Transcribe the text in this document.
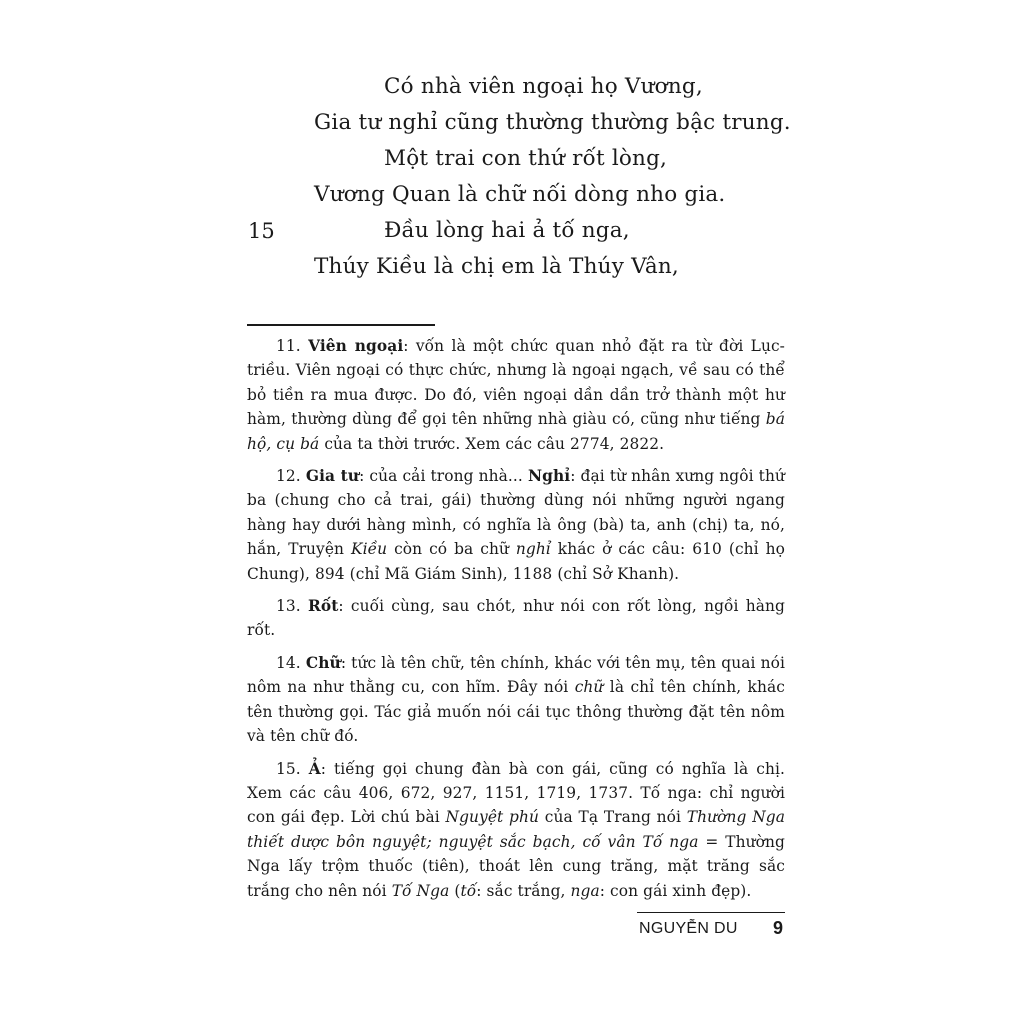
Có nhà viên ngoại họ Vương,
Gia tư nghỉ cũng thường thường bậc trung.
Một trai con thứ rốt lòng,
Vương Quan là chữ nối dòng nho gia.
15	Đầu lòng hai ả tố nga,
Thúy Kiều là chị em là Thúy Vân,

11. Viên ngoại: vốn là một chức quan nhỏ đặt ra từ đời Lục-triều. Viên ngoại có thực chức, nhưng là ngoại ngạch, về sau có thể bỏ tiền ra mua được. Do đó, viên ngoại dần dần trở thành một hư hàm, thường dùng để gọi tên những nhà giàu có, cũng như tiếng bá hộ, cụ bá của ta thời trước. Xem các câu 2774, 2822.

12. Gia tư: của cải trong nhà... Nghỉ: đại từ nhân xưng ngôi thứ ba (chung cho cả trai, gái) thường dùng nói những người ngang hàng hay dưới hàng mình, có nghĩa là ông (bà) ta, anh (chị) ta, nó, hắn, Truyện Kiều còn có ba chữ nghỉ khác ở các câu: 610 (chỉ họ Chung), 894 (chỉ Mã Giám Sinh), 1188 (chỉ Sở Khanh).

13. Rốt: cuối cùng, sau chót, như nói con rốt lòng, ngồi hàng rốt.

14. Chữ: tức là tên chữ, tên chính, khác với tên mụ, tên quai nói nôm na như thằng cu, con hĩm. Đây nói chữ là chỉ tên chính, khác tên thường gọi. Tác giả muốn nói cái tục thông thường đặt tên nôm và tên chữ đó.

15. Ả: tiếng gọi chung đàn bà con gái, cũng có nghĩa là chị. Xem các câu 406, 672, 927, 1151, 1719, 1737. Tố nga: chỉ người con gái đẹp. Lời chú bài Nguyệt phú của Tạ Trang nói Thường Nga thiết dược bôn nguyệt; nguyệt sắc bạch, cố vân Tố nga = Thường Nga lấy trộm thuốc (tiên), thoát lên cung trăng, mặt trăng sắc trắng cho nên nói Tố Nga (tố: sắc trắng, nga: con gái xinh đẹp).

NGUYỄN DU 9
